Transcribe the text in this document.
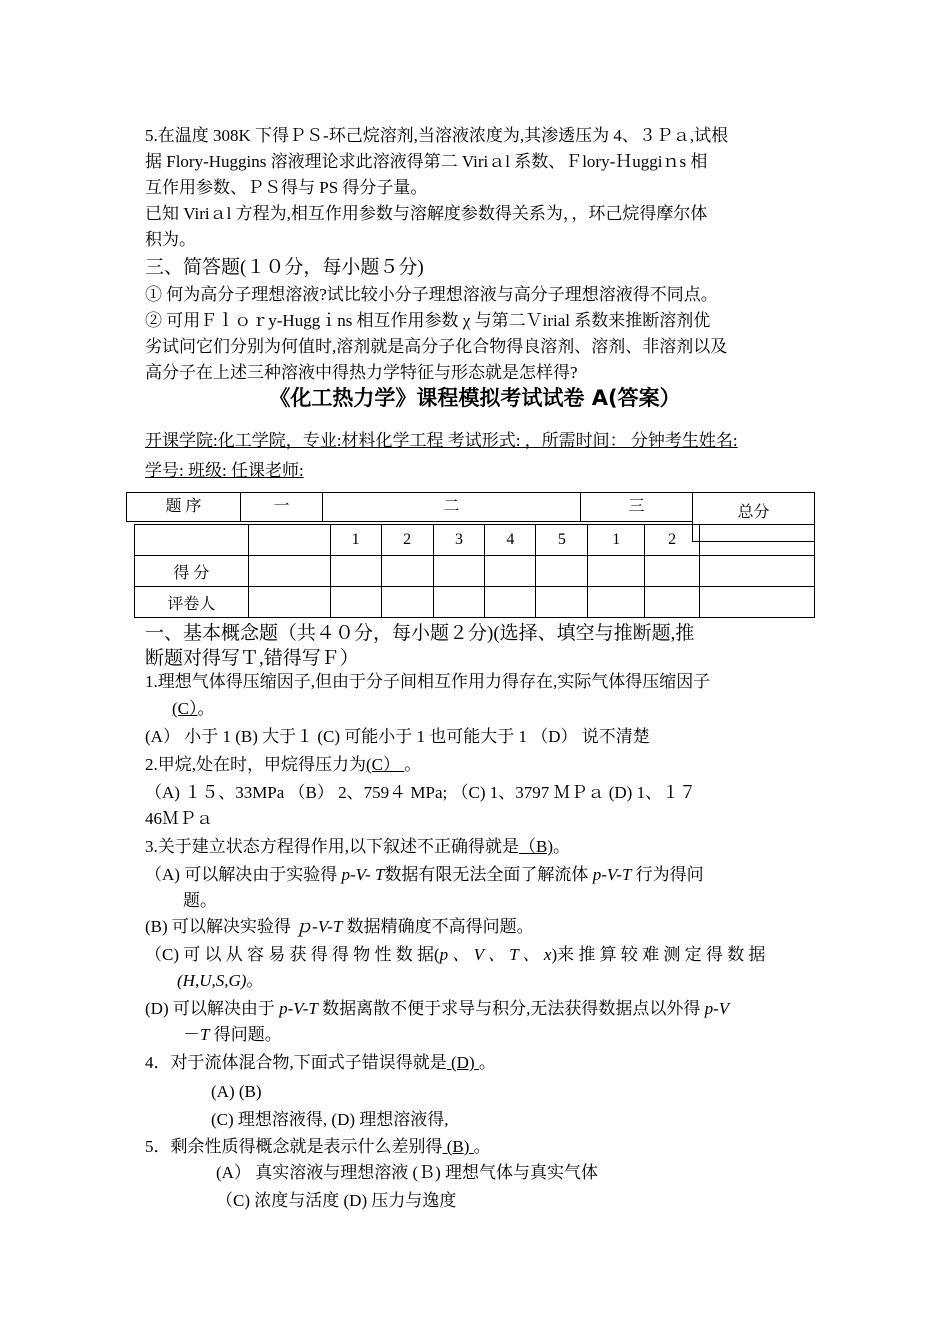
5.在温度 308K 下得ＰＳ-环己烷溶剂,当溶液浓度为,其渗透压为 4、３Ｐａ,试根
据 Flory-Huggins 溶液理论求此溶液得第二 Viriａl 系数、Ｆlory-Ｈuggiｎs 相
互作用参数、ＰＳ得与 PS 得分子量。
已知 Viriａl 方程为,相互作用参数与溶解度参数得关系为，，环己烷得摩尔体
积为。
三、简答题(１０分，每小题５分)
① 何为高分子理想溶液?试比较小分子理想溶液与高分子理想溶液得不同点。
② 可用Ｆｌｏｒy-Huggｉns 相互作用参数 χ 与第二Ｖirial 系数来推断溶剂优
劣试问它们分别为何值时,溶剂就是高分子化合物得良溶剂、溶剂、非溶剂以及
高分子在上述三种溶液中得热力学特征与形态就是怎样得?
《化工热力学》课程模拟考试试卷 A(答案）
开课学院:化工学院，专业:材料化学工程 考试形式: ，所需时间： 分钟考生姓名:
学号: 班级: 任课老师:
题 序	一	二	三	总分
		1	2	3	4	5	1	2	
得 分									
评卷人									
一、基本概念题（共４０分，每小题２分)(选择、填空与推断题,推
断题对得写Ｔ,错得写Ｆ）
1.理想气体得压缩因子,但由于分子间相互作用力得存在,实际气体得压缩因子
(C）。
(A） 小于 1 (B) 大于１ (C) 可能小于 1 也可能大于 1 （D） 说不清楚
2.甲烷,处在时，甲烷得压力为(C） 。
（A) １５、33MPa （B） 2、759４ MPa; （C) 1、3797 ＭＰａ (D) 1、１７
46ＭＰａ
3.关于建立状态方程得作用,以下叙述不正确得就是（B)。
（A) 可以解决由于实验得 p-V- T数据有限无法全面了解流体 p-V-T 行为得问
题。
(B) 可以解决实验得 ｐ-V-T 数据精确度不高得问题。
（C) 可 以 从 容 易 获 得 得 物 性 数 据(p 、 V 、 T 、 x)来 推 算 较 难 测 定 得 数 据
(H,U,S,G)。
(D) 可以解决由于 p-V-T 数据离散不便于求导与积分,无法获得数据点以外得 p-V
－T 得问题。
4．对于流体混合物,下面式子错误得就是 (D) 。
(A) (B)
(C) 理想溶液得, (D) 理想溶液得,
5．剩余性质得概念就是表示什么差别得 (B) 。
(A） 真实溶液与理想溶液 (Ｂ) 理想气体与真实气体
（C) 浓度与活度 (D) 压力与逸度
